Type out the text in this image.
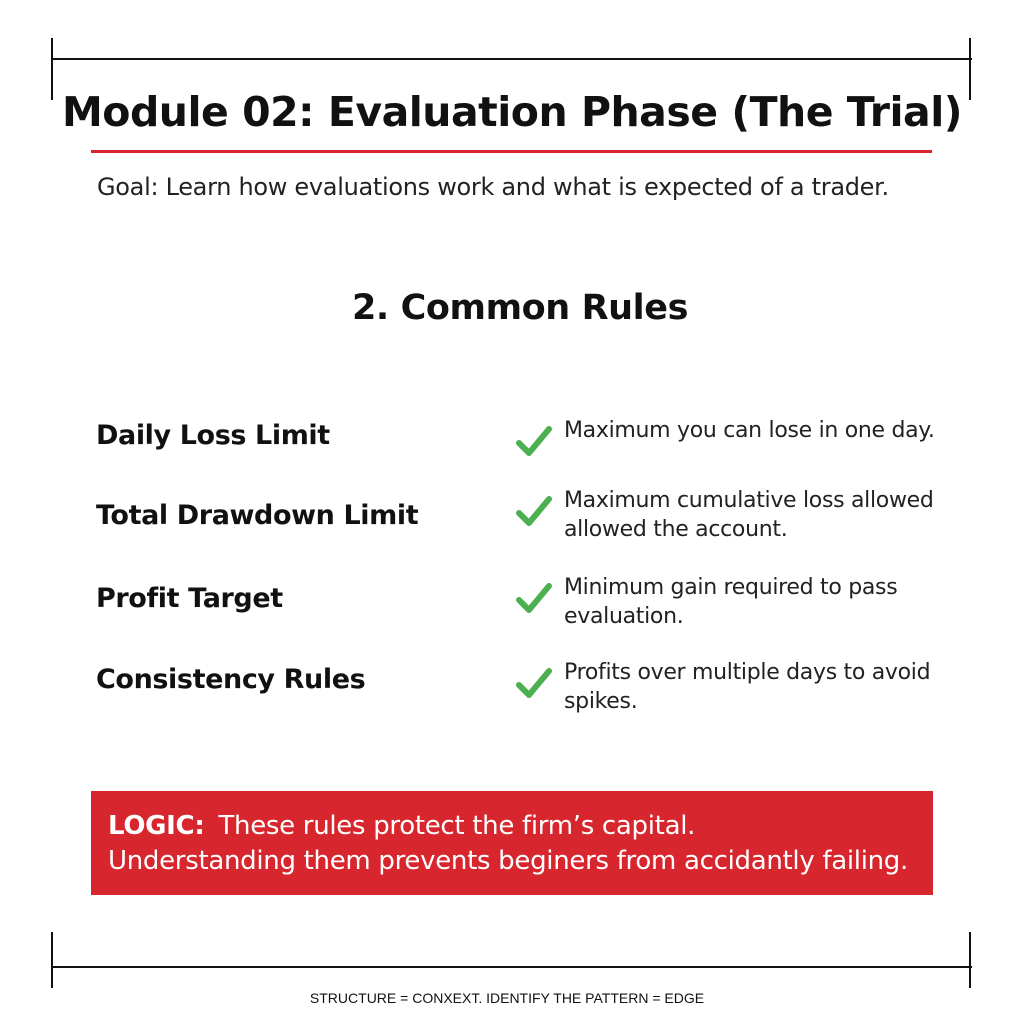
Module 02: Evaluation Phase (The Trial)
Goal: Learn how evaluations work and what is expected of a trader.
2. Common Rules
Daily Loss Limit	Maximum you can lose in one day.
Total Drawdown Limit	Maximum cumulative loss allowed allowed the account.
Profit Target	Minimum gain required to pass evaluation.
Consistency Rules	Profits over multiple days to avoid spikes.
LOGIC: These rules protect the firm’s capital.
Understanding them prevents beginers from accidantly failing.
STRUCTURE = CONXEXT. IDENTIFY THE PATTERN = EDGE
